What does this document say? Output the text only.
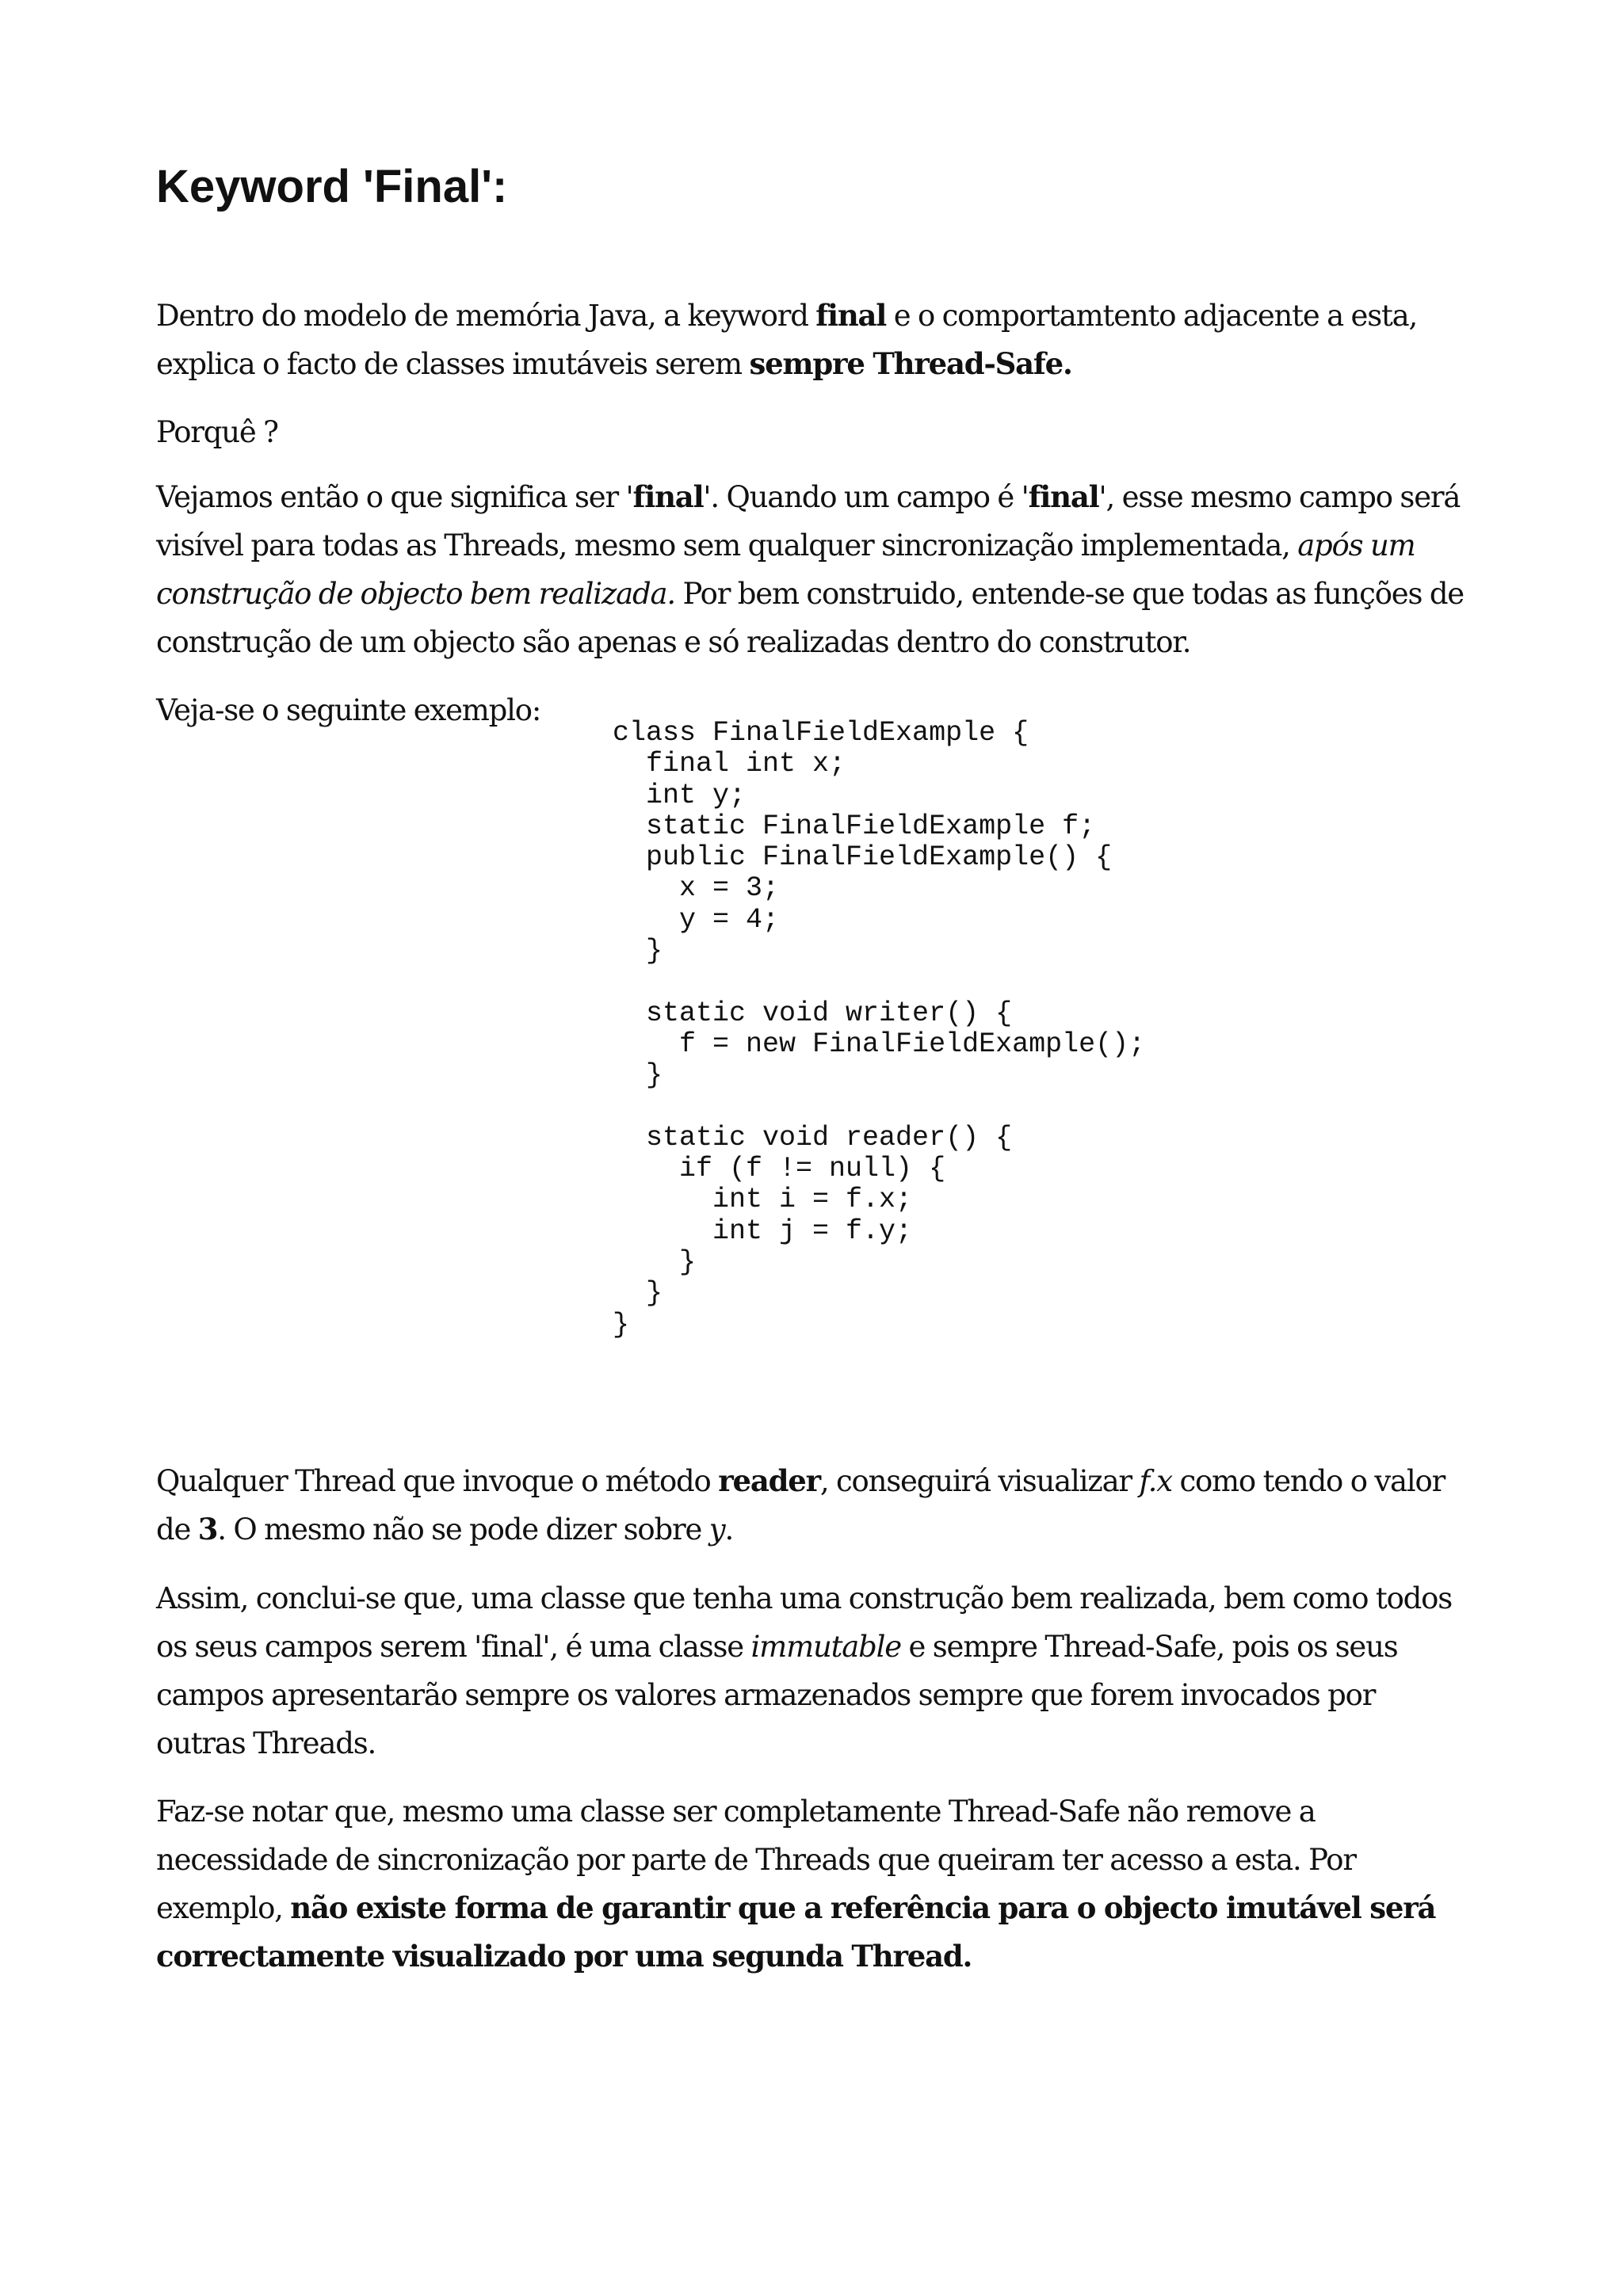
Keyword 'Final':

Dentro do modelo de memória Java, a keyword final e o comportamtento adjacente a esta, explica o facto de classes imutáveis serem sempre Thread-Safe.

Porquê ?

Vejamos então o que significa ser 'final'. Quando um campo é 'final', esse mesmo campo será visível para todas as Threads, mesmo sem qualquer sincronização implementada, após um construção de objecto bem realizada. Por bem construido, entende-se que todas as funções de construção de um objecto são apenas e só realizadas dentro do construtor.

Veja-se o seguinte exemplo:

class FinalFieldExample {
final int x;
int y;
static FinalFieldExample f;
public FinalFieldExample() {
x = 3;
y = 4;
}

static void writer() {
f = new FinalFieldExample();
}

static void reader() {
if (f != null) {
int i = f.x;
int j = f.y;
}
}
}

Qualquer Thread que invoque o método reader, conseguirá visualizar f.x como tendo o valor de 3. O mesmo não se pode dizer sobre y.

Assim, conclui-se que, uma classe que tenha uma construção bem realizada, bem como todos os seus campos serem 'final', é uma classe immutable e sempre Thread-Safe, pois os seus campos apresentarão sempre os valores armazenados sempre que forem invocados por outras Threads.

Faz-se notar que, mesmo uma classe ser completamente Thread-Safe não remove a necessidade de sincronização por parte de Threads que queiram ter acesso a esta. Por exemplo, não existe forma de garantir que a referência para o objecto imutável será correctamente visualizado por uma segunda Thread.
